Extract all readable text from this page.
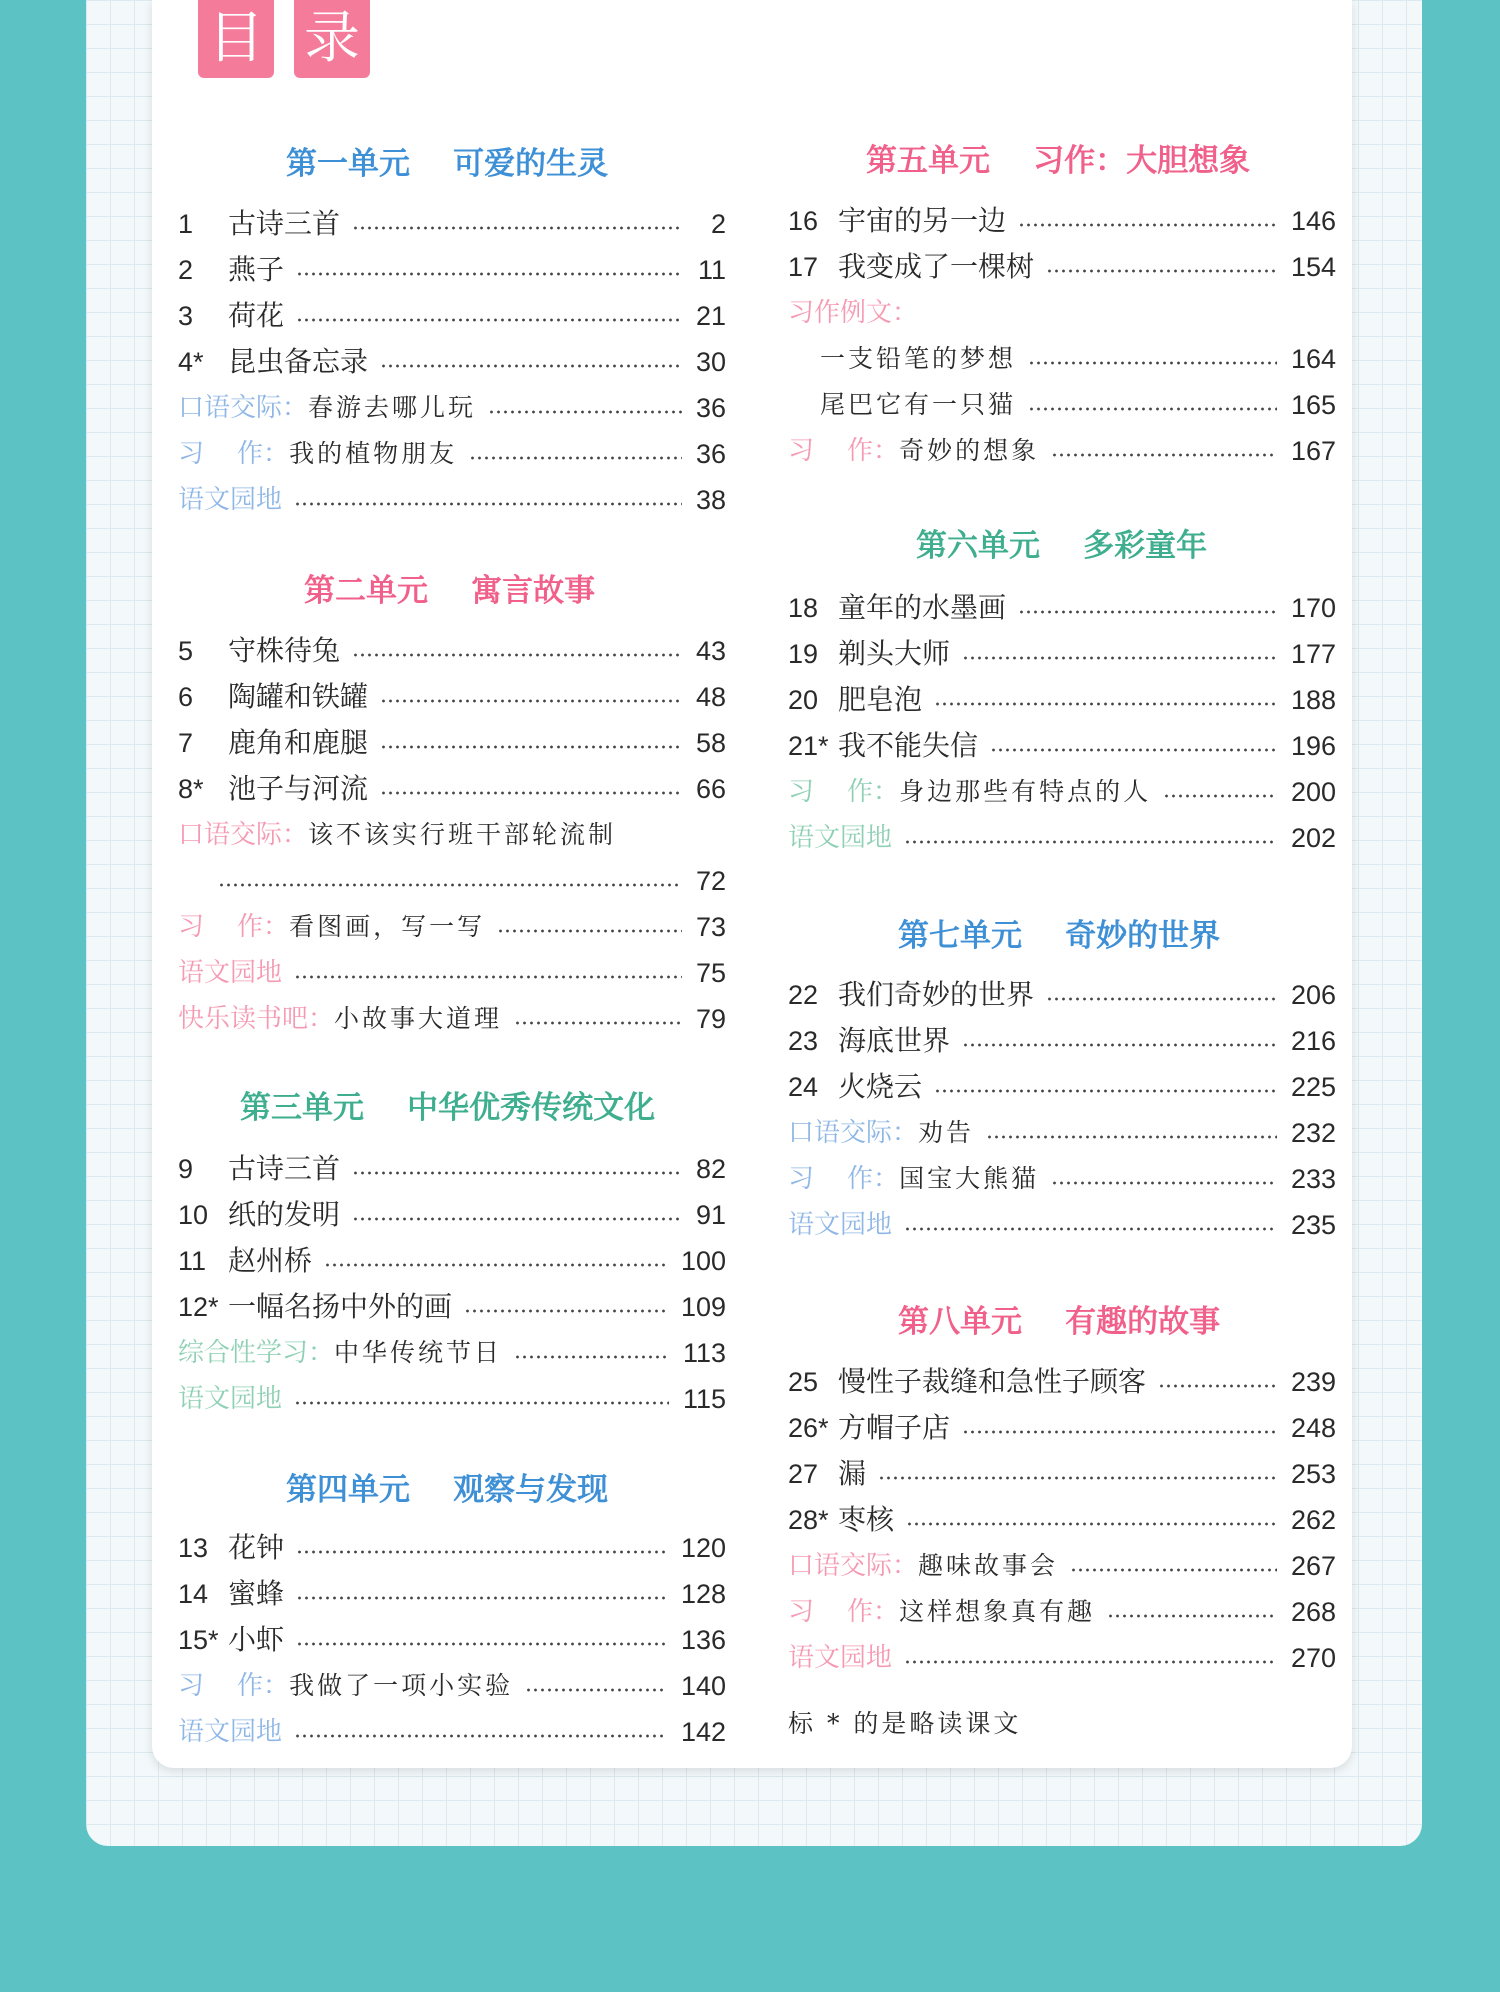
目 录
第一单元 可爱的生灵
1	古诗三首	2
2	燕子	11
3	荷花	21
4* 昆虫备忘录	30
口语交际： 春游去哪儿玩	36
习    作： 我的植物朋友	36
语文园地	38
第二单元 寓言故事
5	守株待兔	43
6	陶罐和铁罐	48
7	鹿角和鹿腿	58
8* 池子与河流	66
口语交际： 该不该实行班干部轮流制
72
习    作： 看图画，写一写	73
语文园地	75
快乐读书吧： 小故事大道理	79
第三单元 中华优秀传统文化
9	古诗三首	82
10 纸的发明	91
11 赵州桥	100
12* 一幅名扬中外的画	109
综合性学习： 中华传统节日	113
语文园地	115
第四单元 观察与发现
13 花钟	120
14 蜜蜂	128
15* 小虾	136
习    作： 我做了一项小实验	140
语文园地	142
第五单元 习作：大胆想象
16 宇宙的另一边	146
17 我变成了一棵树	154
习作例文：
一支铅笔的梦想	164
尾巴它有一只猫	165
习    作： 奇妙的想象	167
第六单元 多彩童年
18 童年的水墨画	170
19 剃头大师	177
20 肥皂泡	188
21* 我不能失信	196
习    作： 身边那些有特点的人	200
语文园地	202
第七单元 奇妙的世界
22 我们奇妙的世界	206
23 海底世界	216
24 火烧云	225
口语交际： 劝告	232
习    作： 国宝大熊猫	233
语文园地	235
第八单元 有趣的故事
25 慢性子裁缝和急性子顾客	239
26* 方帽子店	248
27 漏	253
28* 枣核	262
口语交际： 趣味故事会	267
习    作： 这样想象真有趣	268
语文园地	270
标 * 的是略读课文
